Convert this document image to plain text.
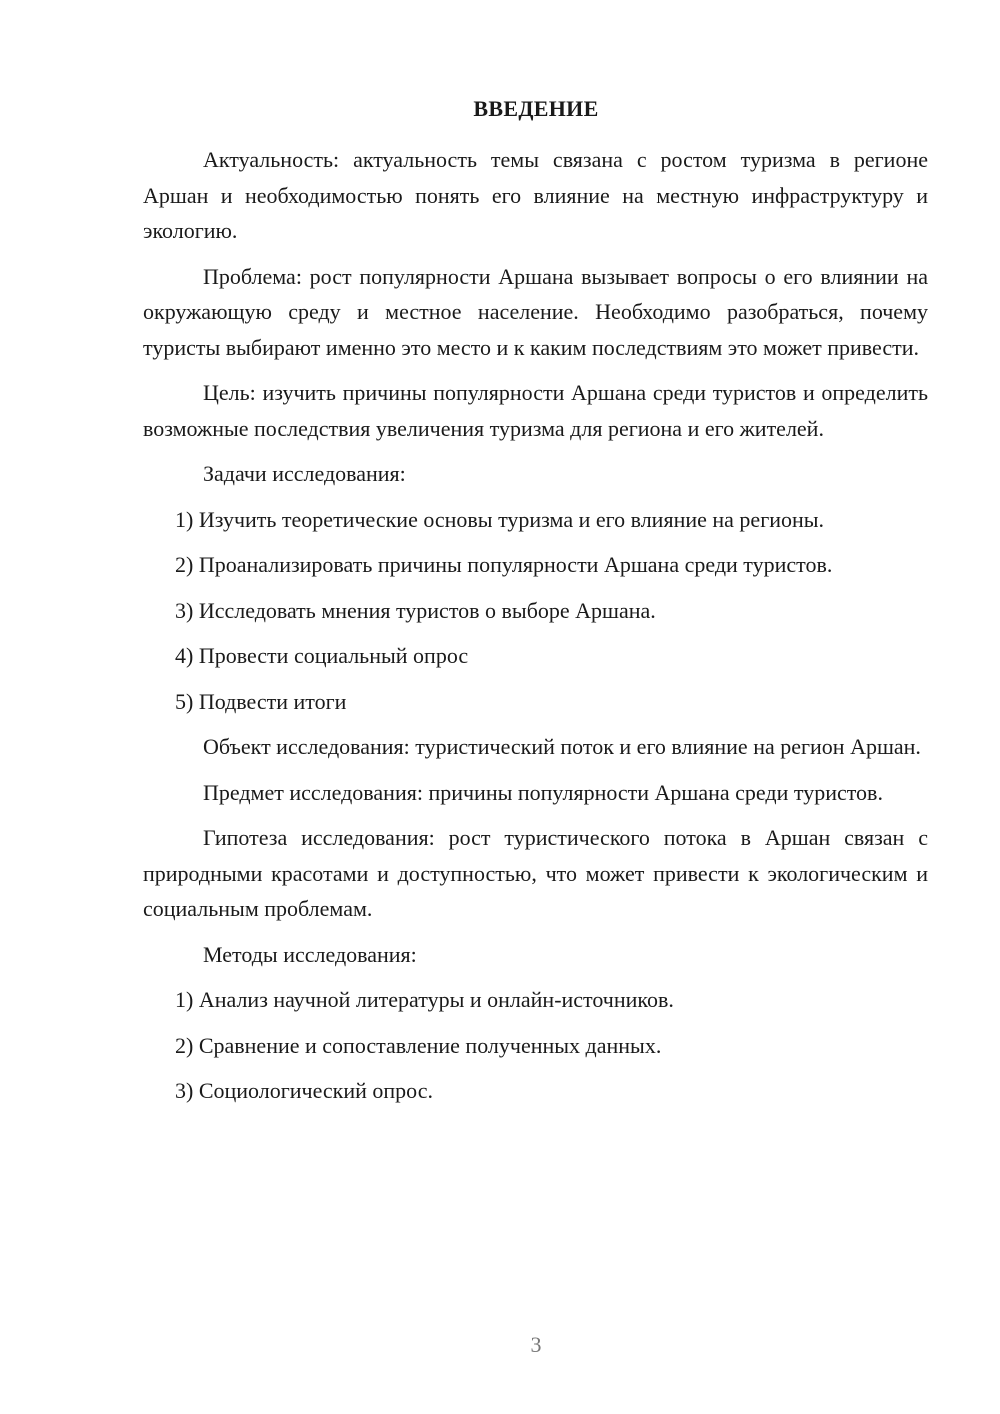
ВВЕДЕНИЕ

Актуальность: актуальность темы связана с ростом туризма в регионе Аршан и необходимостью понять его влияние на местную инфраструктуру и экологию.

Проблема: рост популярности Аршана вызывает вопросы о его влиянии на окружающую среду и местное население. Необходимо разобраться, почему туристы выбирают именно это место и к каким последствиям это может привести.

Цель: изучить причины популярности Аршана среди туристов и определить возможные последствия увеличения туризма для региона и его жителей.

Задачи исследования:

1) Изучить теоретические основы туризма и его влияние на регионы.

2) Проанализировать причины популярности Аршана среди туристов.

3) Исследовать мнения туристов о выборе Аршана.

4) Провести социальный опрос

5) Подвести итоги

Объект исследования: туристический поток и его влияние на регион Аршан.

Предмет исследования: причины популярности Аршана среди туристов.

Гипотеза исследования: рост туристического потока в Аршан связан с природными красотами и доступностью, что может привести к экологическим и социальным проблемам.

Методы исследования:

1) Анализ научной литературы и онлайн-источников.

2) Сравнение и сопоставление полученных данных.

3) Социологический опрос.

3
